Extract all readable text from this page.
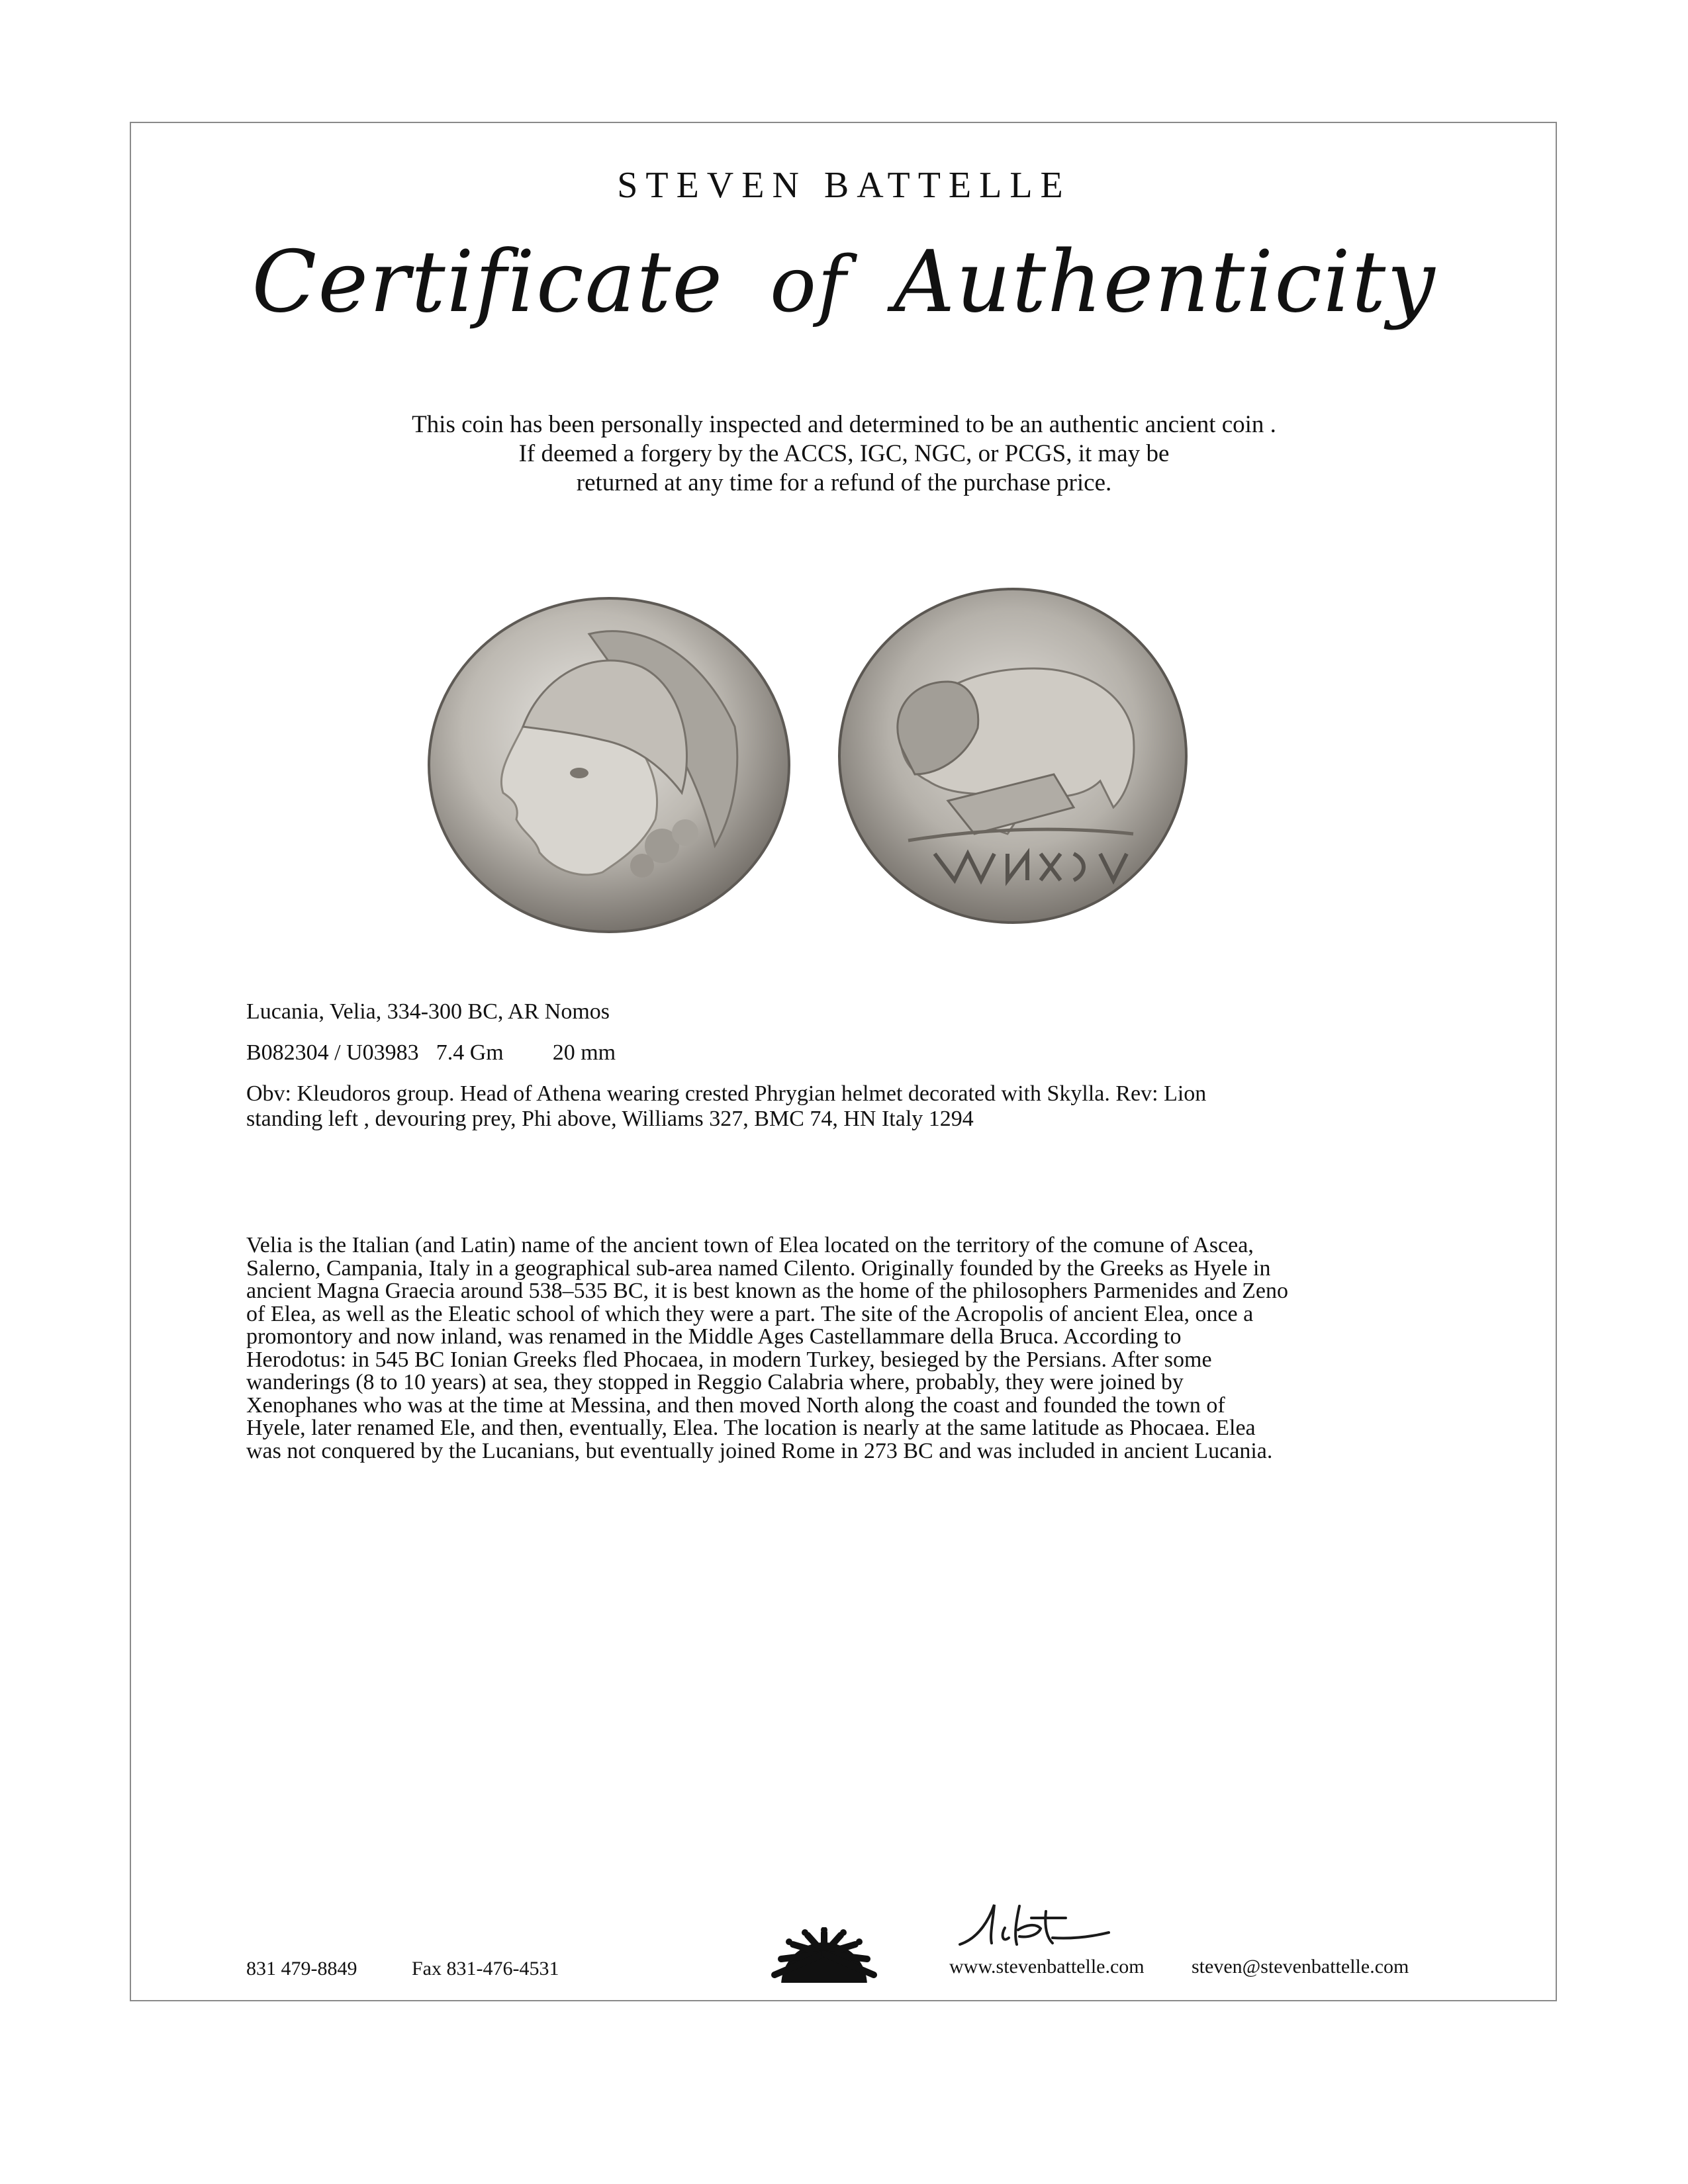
STEVEN BATTELLE
Certificate of Authenticity
This coin has been personally inspected and determined to be an authentic ancient coin .
If deemed a forgery by the ACCS, IGC, NGC, or PCGS, it may be
returned at any time for a refund of the purchase price.
Lucania, Velia, 334-300 BC, AR Nomos
B082304 / U03983 7.4 Gm 20 mm
Obv: Kleudoros group. Head of Athena wearing crested Phrygian helmet decorated with Skylla. Rev: Lion
standing left , devouring prey, Phi above, Williams 327, BMC 74, HN Italy 1294
Velia is the Italian (and Latin) name of the ancient town of Elea located on the territory of the comune of Ascea,
Salerno, Campania, Italy in a geographical sub-area named Cilento. Originally founded by the Greeks as Hyele in
ancient Magna Graecia around 538–535 BC, it is best known as the home of the philosophers Parmenides and Zeno
of Elea, as well as the Eleatic school of which they were a part. The site of the Acropolis of ancient Elea, once a
promontory and now inland, was renamed in the Middle Ages Castellammare della Bruca. According to
Herodotus: in 545 BC Ionian Greeks fled Phocaea, in modern Turkey, besieged by the Persians. After some
wanderings (8 to 10 years) at sea, they stopped in Reggio Calabria where, probably, they were joined by
Xenophanes who was at the time at Messina, and then moved North along the coast and founded the town of
Hyele, later renamed Ele, and then, eventually, Elea. The location is nearly at the same latitude as Phocaea. Elea
was not conquered by the Lucanians, but eventually joined Rome in 273 BC and was included in ancient Lucania.
831 479-8849	Fax 831-476-4531	www.stevenbattelle.com steven@stevenbattelle.com
